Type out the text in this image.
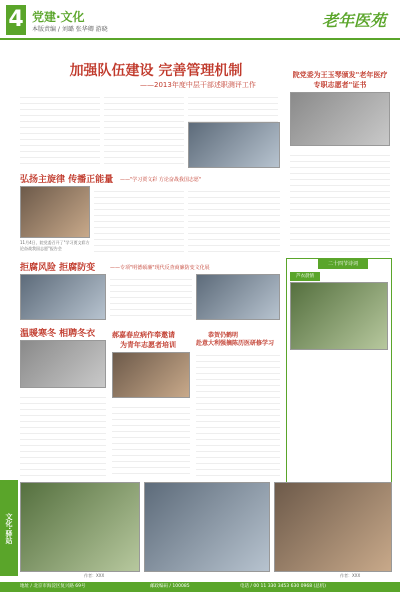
4 党建·文化
本版责编 / 刘璐 张华卿 游晓	老年医苑
加强队伍建设 完善管理机制
——2013年度中层干部述职测评工作
弘扬主旋律 传播正能量 ——"学习贾文彩 方论奋战我国志愿"
11月4日，院党委召开了"学习贾文彩方论奋战我国志愿"报告会
拒腐风险 拒腐防变	——专项"明德硕廉"现代反查商廉防变文化展
温暖寒冬 相聘冬衣 郝嘉春应病作奉邀请
为青年志愿者培训
恭贺仍鹤明
赴意大利强摘陈历医研修学习
院党委为王玉琴颁发"老年医疗专职志愿者"证书
二十四节诗词
芦衣晨情
文化·驿站
作者：XXX	作者：XXX
地址 / 北京市海淀区复兴路 69号	邮政编码 / 100085	电话 / 00 11 330 3453 630 0968 (总机)
